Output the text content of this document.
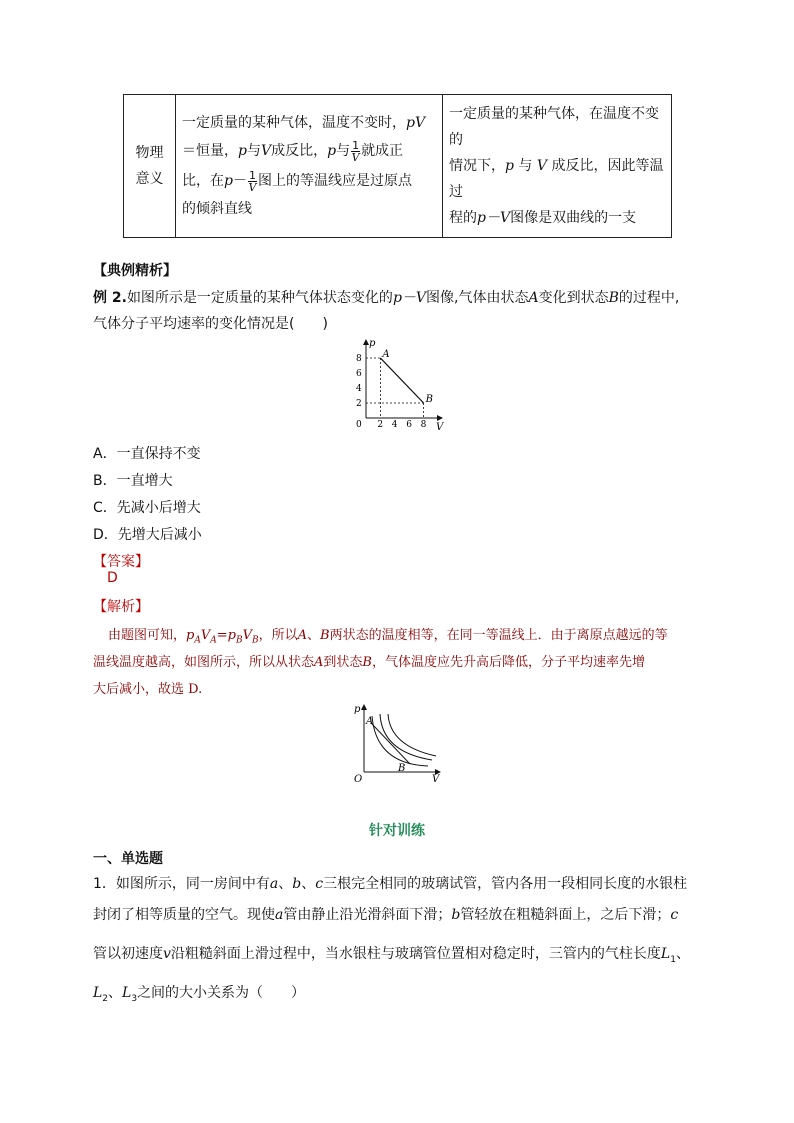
物理
意义

一定质量的某种气体，温度不变时，pV
＝恒量，p与V成反比，p与 $\frac{1}{V}$ 就成正
比，在$p- \frac{1}{V}$ 图上的等温线应是过原点
的倾斜直线

一定质量的某种气体，在温度不变的
情况下，p 与 V 成反比，因此等温过
程的p－V图像是双曲线的一支
【典例精析】
例 2.如图所示是一定质量的某种气体状态变化的p－V图像,气体由状态A变化到状态B的过程中,
气体分子平均速率的变化情况是(　　)
p
V
0 2 4 6 8
2
4
6
8 A
B
A．一直保持不变
B．一直增大
C．先减小后增大
D．先增大后减小
【答案】
D
【解析】
由题图可知，$p_AV_A=p_BV_B$，所以A、B两状态的温度相等，在同一等温线上．由于离原点越远的等
温线温度越高，如图所示，所以从状态A到状态B，气体温度应先升高后降低，分子平均速率先增
大后减小，故选 D.
p
V
O
A
B
针对训练
一、单选题
1．如图所示，同一房间中有a、b、c三根完全相同的玻璃试管，管内各用一段相同长度的水银柱
封闭了相等质量的空气。现使a管由静止沿光滑斜面下滑；b管轻放在粗糙斜面上，之后下滑；c
管以初速度v沿粗糙斜面上滑过程中，当水银柱与玻璃管位置相对稳定时，三管内的气柱长度$L_1$、
$L_2$、$L_3$之间的大小关系为（　　）
